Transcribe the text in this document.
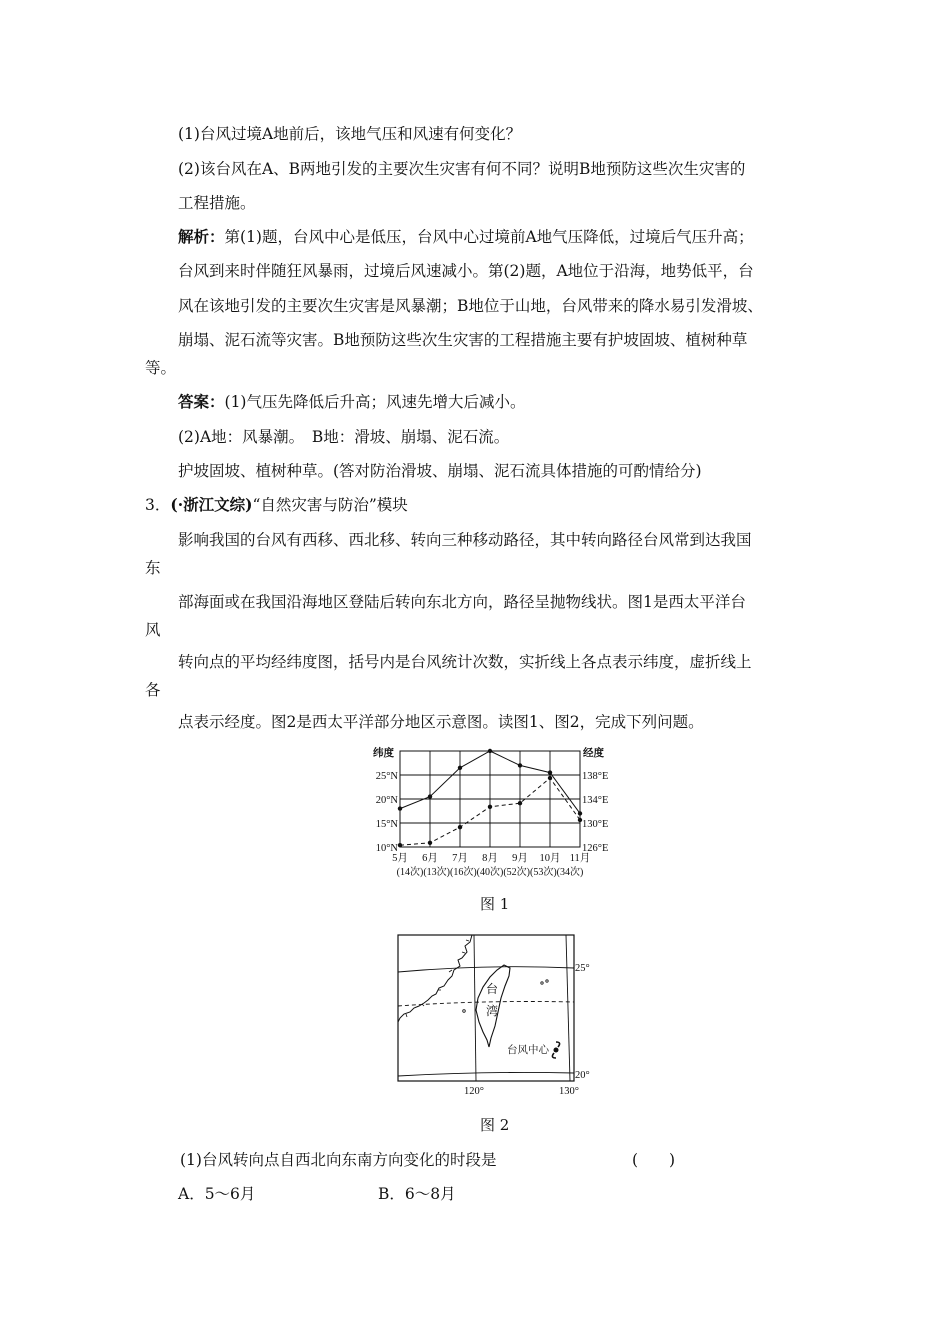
(1)台风过境A地前后，该地气压和风速有何变化？
(2)该台风在A、B两地引发的主要次生灾害有何不同？说明B地预防这些次生灾害的
工程措施。
解析：第(1)题，台风中心是低压，台风中心过境前A地气压降低，过境后气压升高；
台风到来时伴随狂风暴雨，过境后风速减小。第(2)题，A地位于沿海，地势低平，台
风在该地引发的主要次生灾害是风暴潮；B地位于山地，台风带来的降水易引发滑坡、
崩塌、泥石流等灾害。B地预防这些次生灾害的工程措施主要有护坡固坡、植树种草
等。
答案：(1)气压先降低后升高；风速先增大后减小。
(2)A地：风暴潮。　B地：滑坡、崩塌、泥石流。
护坡固坡、植树种草。(答对防治滑坡、崩塌、泥石流具体措施的可酌情给分)
3．(·浙江文综)“自然灾害与防治”模块
影响我国的台风有西移、西北移、转向三种移动路径，其中转向路径台风常到达我国
东
部海面或在我国沿海地区登陆后转向东北方向，路径呈抛物线状。图1是西太平洋台
风
转向点的平均经纬度图，括号内是台风统计次数，实折线上各点表示纬度，虚折线上
各
点表示经度。图2是西太平洋部分地区示意图。读图1、图2，完成下列问题。
纬度	经度
10°N
15°N
20°N
25°N
126°E
130°E
134°E
138°E
5月 6月 7月 8月 9月 10月 11月
(14次)(13次)(16次)(40次)(52次)(53次)(34次)
图 1
台
湾
25°
20°
120°	130°
台风中心
图 2
(1)台风转向点自西北向东南方向变化的时段是	(　　)
A．5～6月	B．6～8月
